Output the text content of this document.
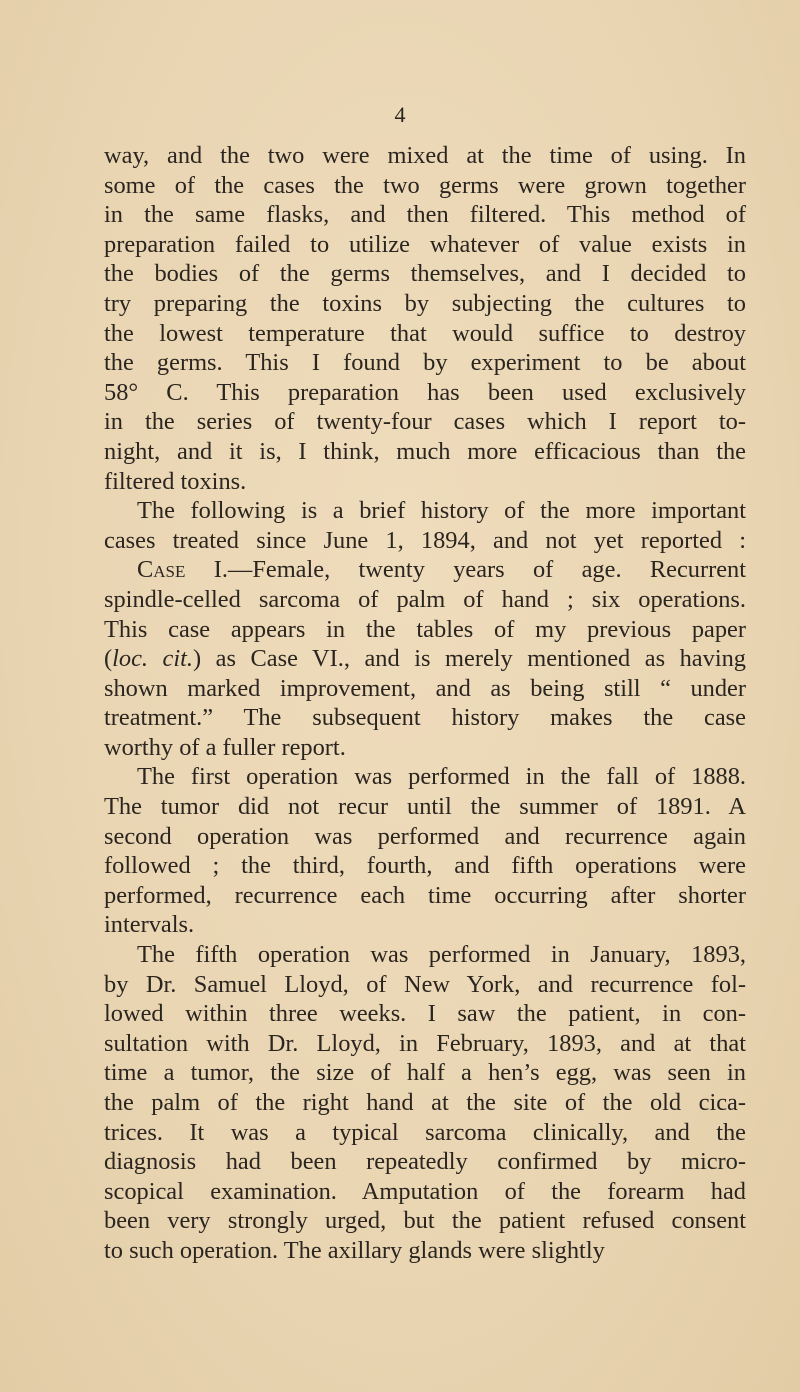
4
way, and the two were mixed at the time of using. In
some of the cases the two germs were grown together
in the same flasks, and then filtered. This method of
preparation failed to utilize whatever of value exists in
the bodies of the germs themselves, and I decided to
try preparing the toxins by subjecting the cultures to
the lowest temperature that would suffice to destroy
the germs. This I found by experiment to be about
58° C. This preparation has been used exclusively
in the series of twenty-four cases which I report to-
night, and it is, I think, much more efficacious than the
filtered toxins.
The following is a brief history of the more important
cases treated since June 1, 1894, and not yet reported :
Case I.—Female, twenty years of age. Recurrent
spindle-celled sarcoma of palm of hand ; six operations.
This case appears in the tables of my previous paper
(loc. cit.) as Case VI., and is merely mentioned as having
shown marked improvement, and as being still “ under
treatment.” The subsequent history makes the case
worthy of a fuller report.
The first operation was performed in the fall of 1888.
The tumor did not recur until the summer of 1891. A
second operation was performed and recurrence again
followed ; the third, fourth, and fifth operations were
performed, recurrence each time occurring after shorter
intervals.
The fifth operation was performed in January, 1893,
by Dr. Samuel Lloyd, of New York, and recurrence fol-
lowed within three weeks. I saw the patient, in con-
sultation with Dr. Lloyd, in February, 1893, and at that
time a tumor, the size of half a hen’s egg, was seen in
the palm of the right hand at the site of the old cica-
trices. It was a typical sarcoma clinically, and the
diagnosis had been repeatedly confirmed by micro-
scopical examination. Amputation of the forearm had
been very strongly urged, but the patient refused consent
to such operation. The axillary glands were slightly
